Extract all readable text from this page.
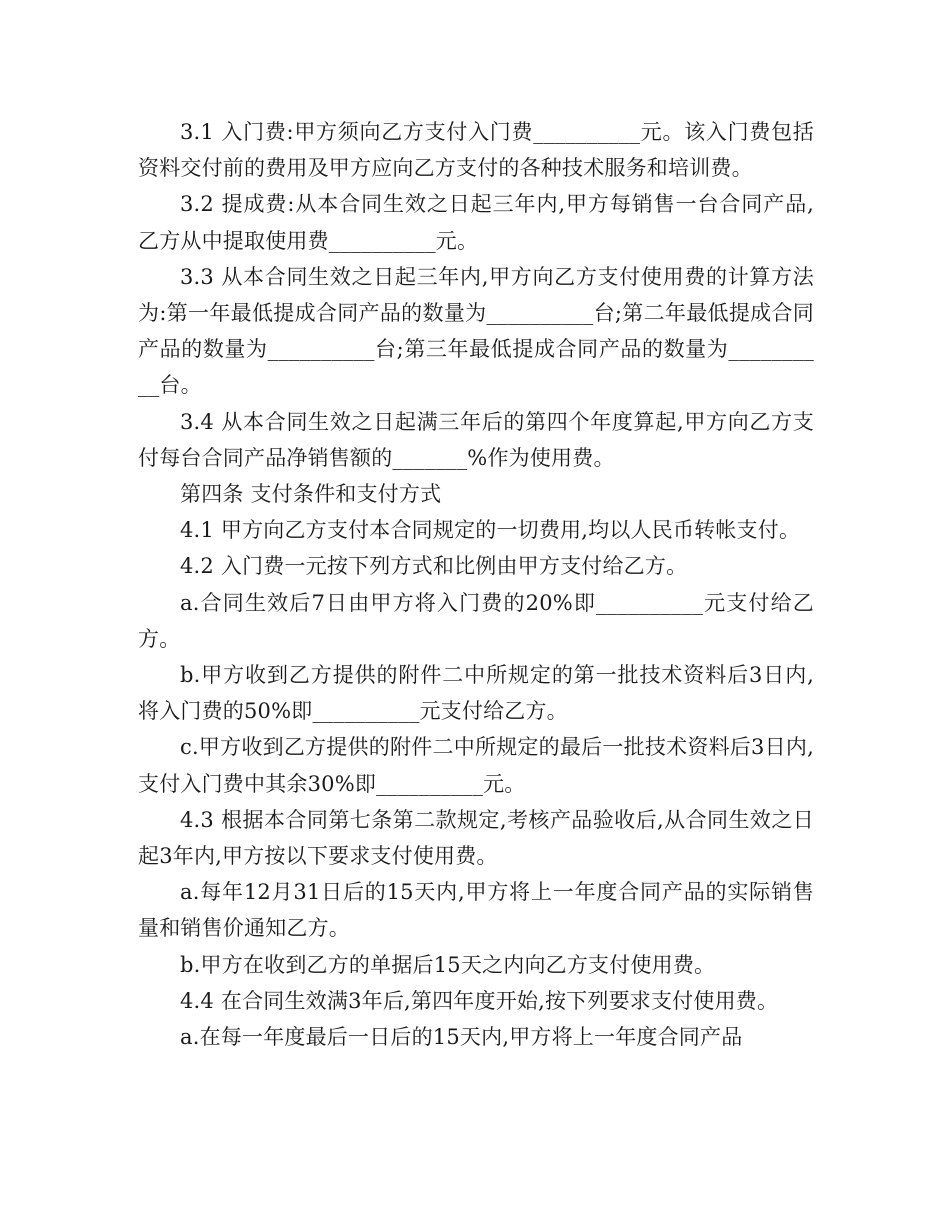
3.1 入门费:甲方须向乙方支付入门费__________元。该入门费包括资料交付前的费用及甲方应向乙方支付的各种技术服务和培训费。

3.2 提成费:从本合同生效之日起三年内,甲方每销售一台合同产品,乙方从中提取使用费__________元。

3.3 从本合同生效之日起三年内,甲方向乙方支付使用费的计算方法为:第一年最低提成合同产品的数量为__________台;第二年最低提成合同产品的数量为__________台;第三年最低提成合同产品的数量为__________台。

3.4 从本合同生效之日起满三年后的第四个年度算起,甲方向乙方支付每台合同产品净销售额的_______%作为使用费。

第四条 支付条件和支付方式

4.1 甲方向乙方支付本合同规定的一切费用,均以人民币转帐支付。

4.2 入门费一元按下列方式和比例由甲方支付给乙方。

a.合同生效后7日由甲方将入门费的20%即__________元支付给乙方。

b.甲方收到乙方提供的附件二中所规定的第一批技术资料后3日内,将入门费的50%即__________元支付给乙方。

c.甲方收到乙方提供的附件二中所规定的最后一批技术资料后3日内,支付入门费中其余30%即__________元。

4.3 根据本合同第七条第二款规定,考核产品验收后,从合同生效之日起3年内,甲方按以下要求支付使用费。

a.每年12月31日后的15天内,甲方将上一年度合同产品的实际销售量和销售价通知乙方。

b.甲方在收到乙方的单据后15天之内向乙方支付使用费。

4.4 在合同生效满3年后,第四年度开始,按下列要求支付使用费。

a.在每一年度最后一日后的15天内,甲方将上一年度合同产品
